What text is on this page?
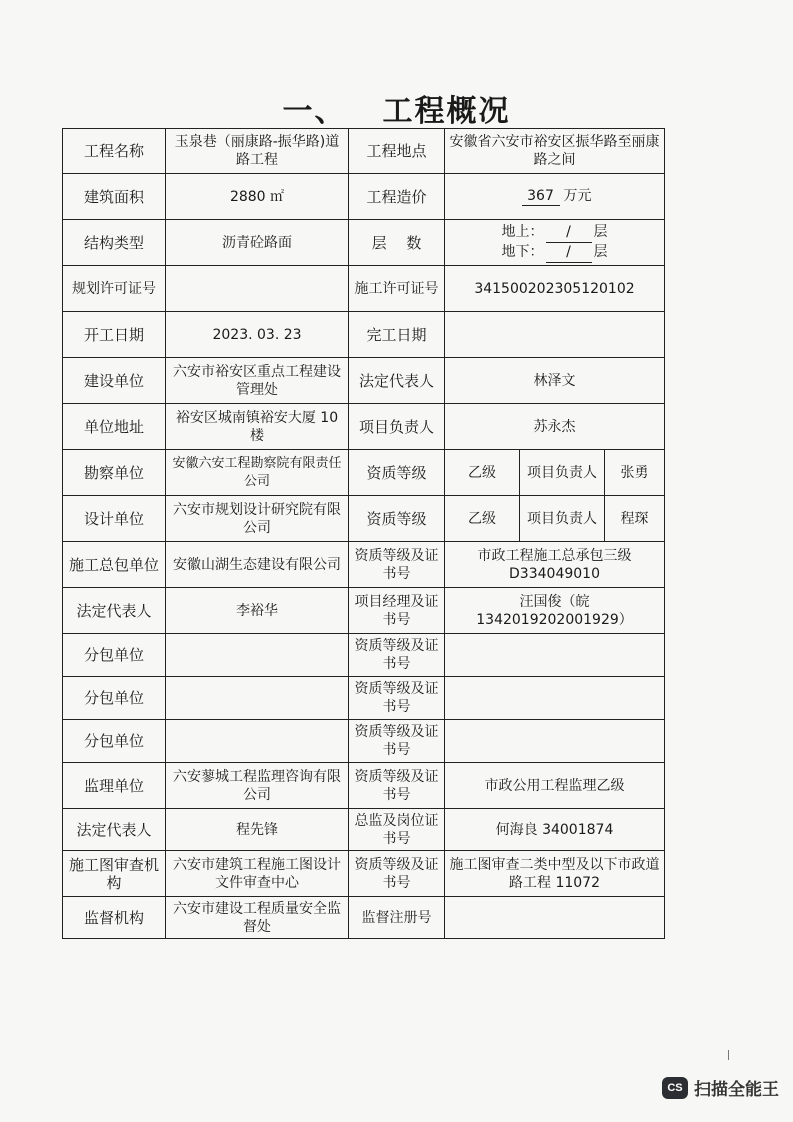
一、 工程概况
工程名称	玉泉巷（丽康路-振华路)道路工程	工程地点	安徽省六安市裕安区振华路至丽康路之间		
建筑面积	2880 ㎡	工程造价	367 万元		
结构类型	沥青砼路面	层　 数	地上： / 层
地下： / 层		

规划许可证号		施工许可证号	341500202305120102		
开工日期	2023. 03. 23	完工日期			
建设单位	六安市裕安区重点工程建设管理处	法定代表人	林泽文		
单位地址	裕安区城南镇裕安大厦 10 楼	项目负责人	苏永杰		
勘察单位	安徽六安工程勘察院有限责任公司	资质等级	乙级	项目负责人	张勇
设计单位	六安市规划设计研究院有限公司	资质等级	乙级	项目负责人	程琛
施工总包单位	安徽山湖生态建设有限公司	资质等级及证书号	市政工程施工总承包三级
D334049010		

法定代表人	李裕华	项目经理及证书号	汪国俊（皖 1342019202001929）		
分包单位		资质等级及证书号			
分包单位		资质等级及证书号			
分包单位		资质等级及证书号			
监理单位	六安蓼城工程监理咨询有限公司	资质等级及证书号	市政公用工程监理乙级		
法定代表人	程先锋	总监及岗位证书号	何海良 34001874		
施工图审查机构	六安市建筑工程施工图设计文件审查中心	资质等级及证书号	施工图审查二类中型及以下市政道路工程 11072		
监督机构	六安市建设工程质量安全监督处	监督注册号			
CS 扫描全能王
